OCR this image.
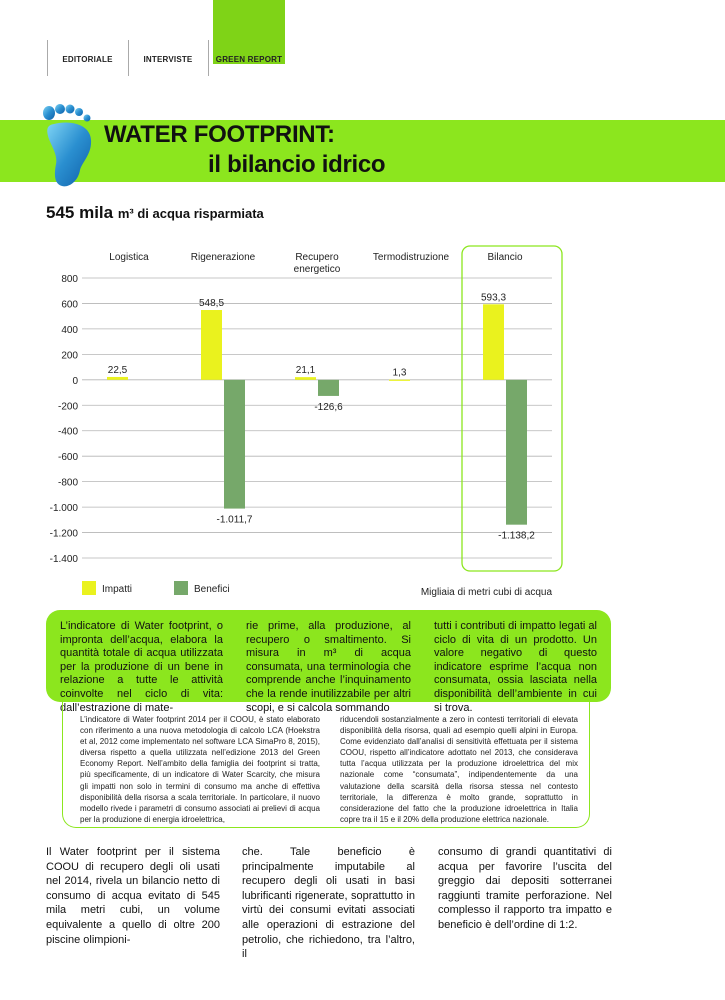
EDITORIALE	INTERVISTE	GREEN REPORT
WATER FOOTPRINT:
il bilancio idrico
545 mila m³ di acqua risparmiata
800
600
400
200
0
-200
-400
-600
-800
-1.000
-1.200
-1.400
Logistica	Rigenerazione	Recupero energetico
Termodistruzione	Bilancio
22,5
548,5
21,1	1,3
593,3
-1.011,7
-126,6
-1.138,2
Impatti	Benefici	Migliaia di metri cubi di acqua
L’indicatore di Water footprint, o impronta dell’acqua, elabora la quantità totale di acqua utilizzata per la produzione di un bene in relazione a tutte le attività coinvolte nel ciclo di vita: dall’estrazione di mate-
rie prime, alla produzione, al recupero o smaltimento. Si misura in m³ di acqua consumata, una terminologia che comprende anche l’inquinamento che la rende inutilizzabile per altri scopi, e si calcola sommando
tutti i contributi di impatto legati al ciclo di vita di un prodotto. Un valore negativo di questo indicatore esprime l’acqua non consumata, ossia lasciata nella disponibilità dell’ambiente in cui si trova.
L’indicatore di Water footprint 2014 per il COOU, è stato elaborato con riferimento a una nuova metodologia di calcolo LCA (Hoekstra et al, 2012 come implementato nel software LCA SimaPro 8, 2015), diversa rispetto a quella utilizzata nell’edizione 2013 del Green Economy Report. Nell’ambito della famiglia dei footprint si tratta, più specificamente, di un indicatore di Water Scarcity, che misura gli impatti non solo in termini di consumo ma anche di effettiva disponibilità della risorsa a scala territoriale. In particolare, il nuovo modello rivede i parametri di consumo associati ai prelievi di acqua per la produzione di energia idroelettrica,
riducendoli sostanzialmente a zero in contesti territoriali di elevata disponibilità della risorsa, quali ad esempio quelli alpini in Europa. Come evidenziato dall’analisi di sensitività effettuata per il sistema COOU, rispetto all’indicatore adottato nel 2013, che considerava tutta l’acqua utilizzata per la produzione idroelettrica del mix nazionale come “consumata”, indipendentemente da una valutazione della scarsità della risorsa stessa nel contesto territoriale, la differenza è molto grande, soprattutto in considerazione del fatto che la produzione idroelettrica in Italia copre tra il 15 e il 20% della produzione elettrica nazionale.
Il Water footprint per il sistema COOU di recupero degli oli usati nel 2014, rivela un bilancio netto di consumo di acqua evitato di 545 mila metri cubi, un volume equivalente a quello di oltre 200 piscine olimpioni-
che. Tale beneficio è principalmente imputabile al recupero degli oli usati in basi lubrificanti rigenerate, soprattutto in virtù dei consumi evitati associati alle operazioni di estrazione del petrolio, che richiedono, tra l’altro, il
consumo di grandi quantitativi di acqua per favorire l’uscita del greggio dai depositi sotterranei raggiunti tramite perforazione. Nel complesso il rapporto tra impatto e beneficio è dell’ordine di 1:2.
